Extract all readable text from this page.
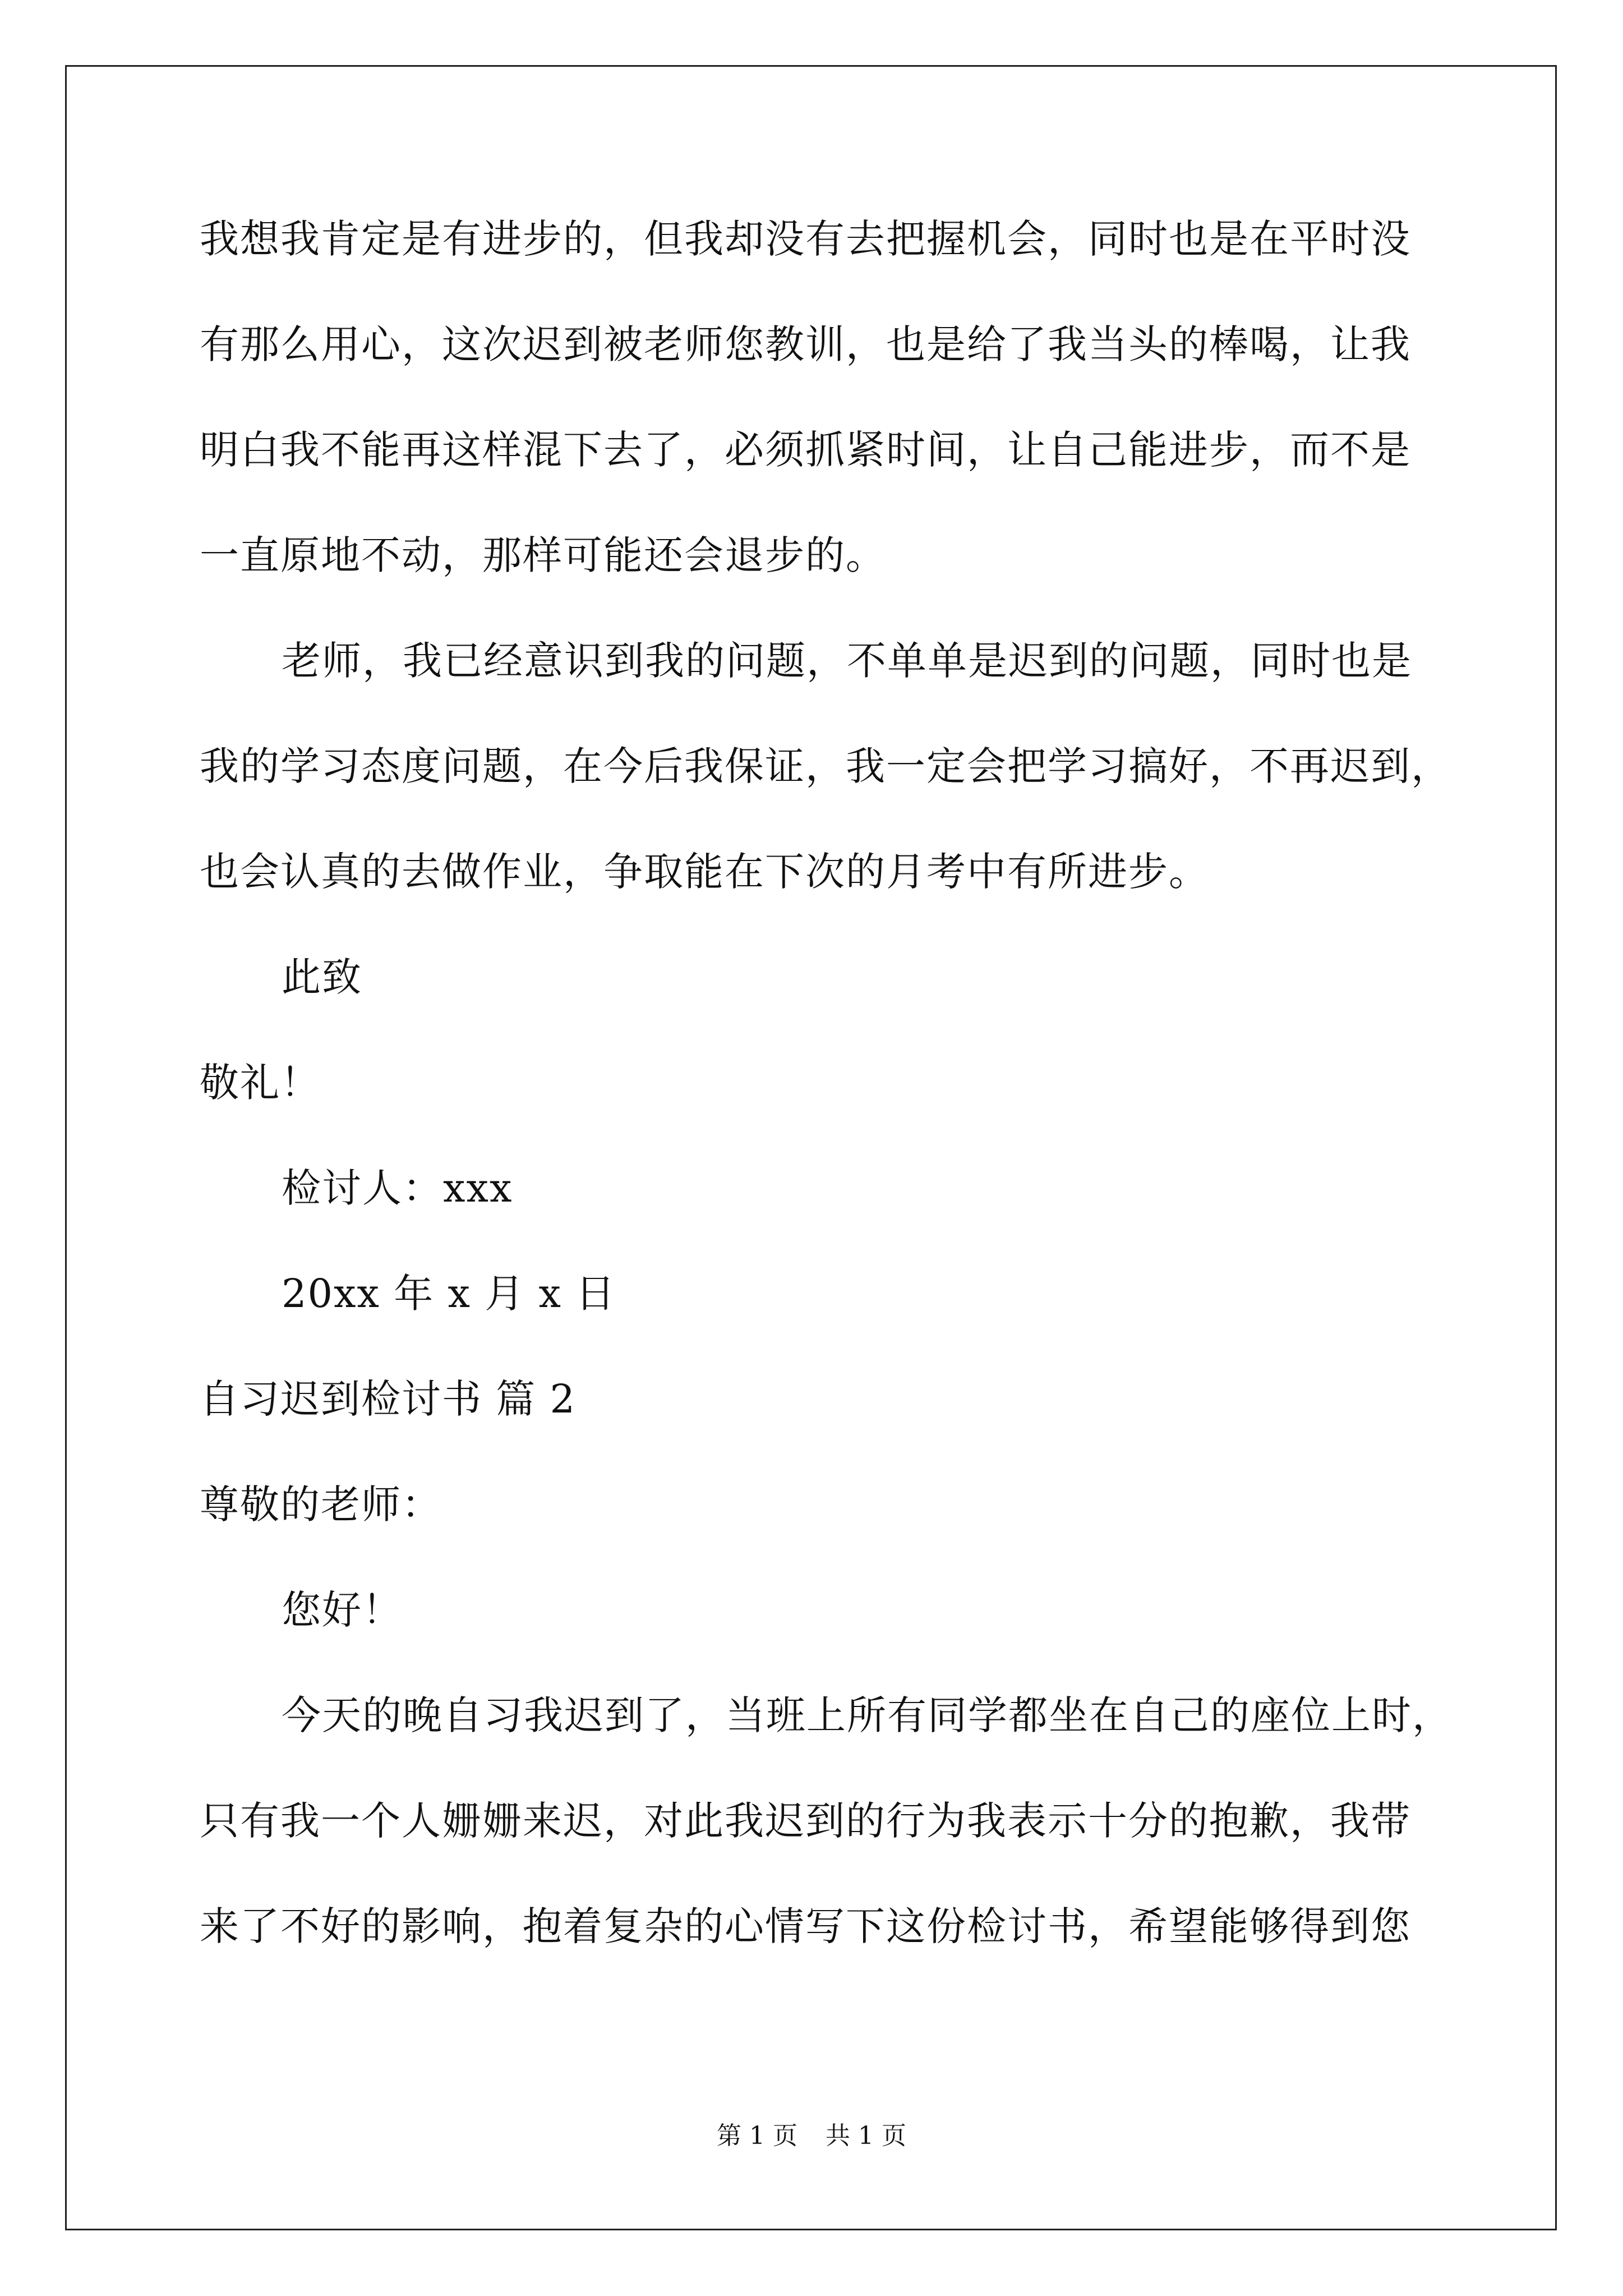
我想我肯定是有进步的，但我却没有去把握机会，同时也是在平时没
有那么用心，这次迟到被老师您教训，也是给了我当头的棒喝，让我
明白我不能再这样混下去了，必须抓紧时间，让自己能进步，而不是
一直原地不动，那样可能还会退步的。
老师，我已经意识到我的问题，不单单是迟到的问题，同时也是
我的学习态度问题，在今后我保证，我一定会把学习搞好，不再迟到，
也会认真的去做作业，争取能在下次的月考中有所进步。
此致
敬礼！
检讨人：xxx
20xx 年 x 月 x 日
自习迟到检讨书 篇 2
尊敬的老师：
您好！
今天的晚自习我迟到了，当班上所有同学都坐在自己的座位上时，
只有我一个人姗姗来迟，对此我迟到的行为我表示十分的抱歉，我带
来了不好的影响，抱着复杂的心情写下这份检讨书，希望能够得到您
第 1 页 共 1 页
